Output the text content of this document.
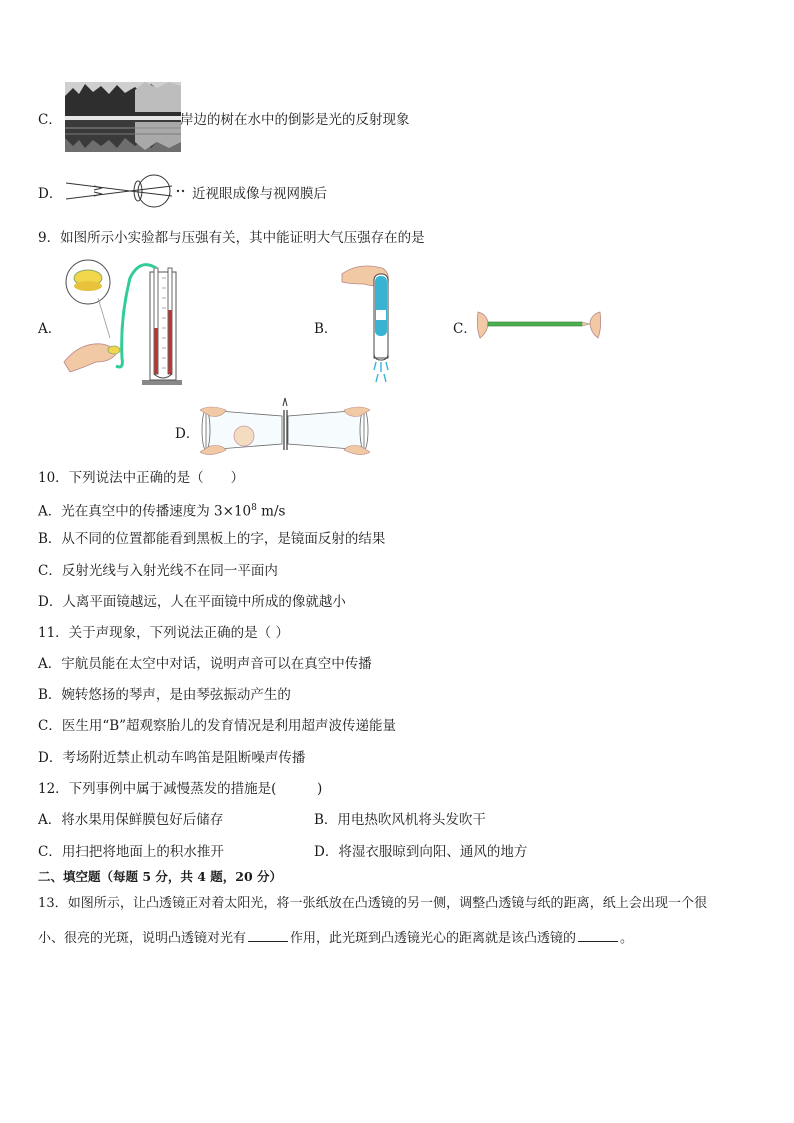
C．	岸边的树在水中的倒影是光的反射现象
D．	近视眼成像与视网膜后
9．如图所示小实验都与压强有关，其中能证明大气压强存在的是
A．	B．	C．
D．
10．下列说法中正确的是（　　）
A．光在真空中的传播速度为 $3\times 10^8$ m/s
B．从不同的位置都能看到黑板上的字，是镜面反射的结果
C．反射光线与入射光线不在同一平面内
D．人离平面镜越远，人在平面镜中所成的像就越小
11．关于声现象，下列说法正确的是（ ）
A．宇航员能在太空中对话，说明声音可以在真空中传播
B．婉转悠扬的琴声，是由琴弦振动产生的
C．医生用“B”超观察胎儿的发育情况是利用超声波传递能量
D．考场附近禁止机动车鸣笛是阻断噪声传播
12．下列事例中属于减慢蒸发的措施是(　　　)
A．将水果用保鲜膜包好后储存	B．用电热吹风机将头发吹干
C．用扫把将地面上的积水推开	D．将湿衣服晾到向阳、通风的地方
二、填空题（每题 5 分，共 4 题，20 分）
13．如图所示，让凸透镜正对着太阳光，将一张纸放在凸透镜的另一侧，调整凸透镜与纸的距离，纸上会出现一个很
小、很亮的光斑，说明凸透镜对光有	作用，此光斑到凸透镜光心的距离就是该凸透镜的	。
